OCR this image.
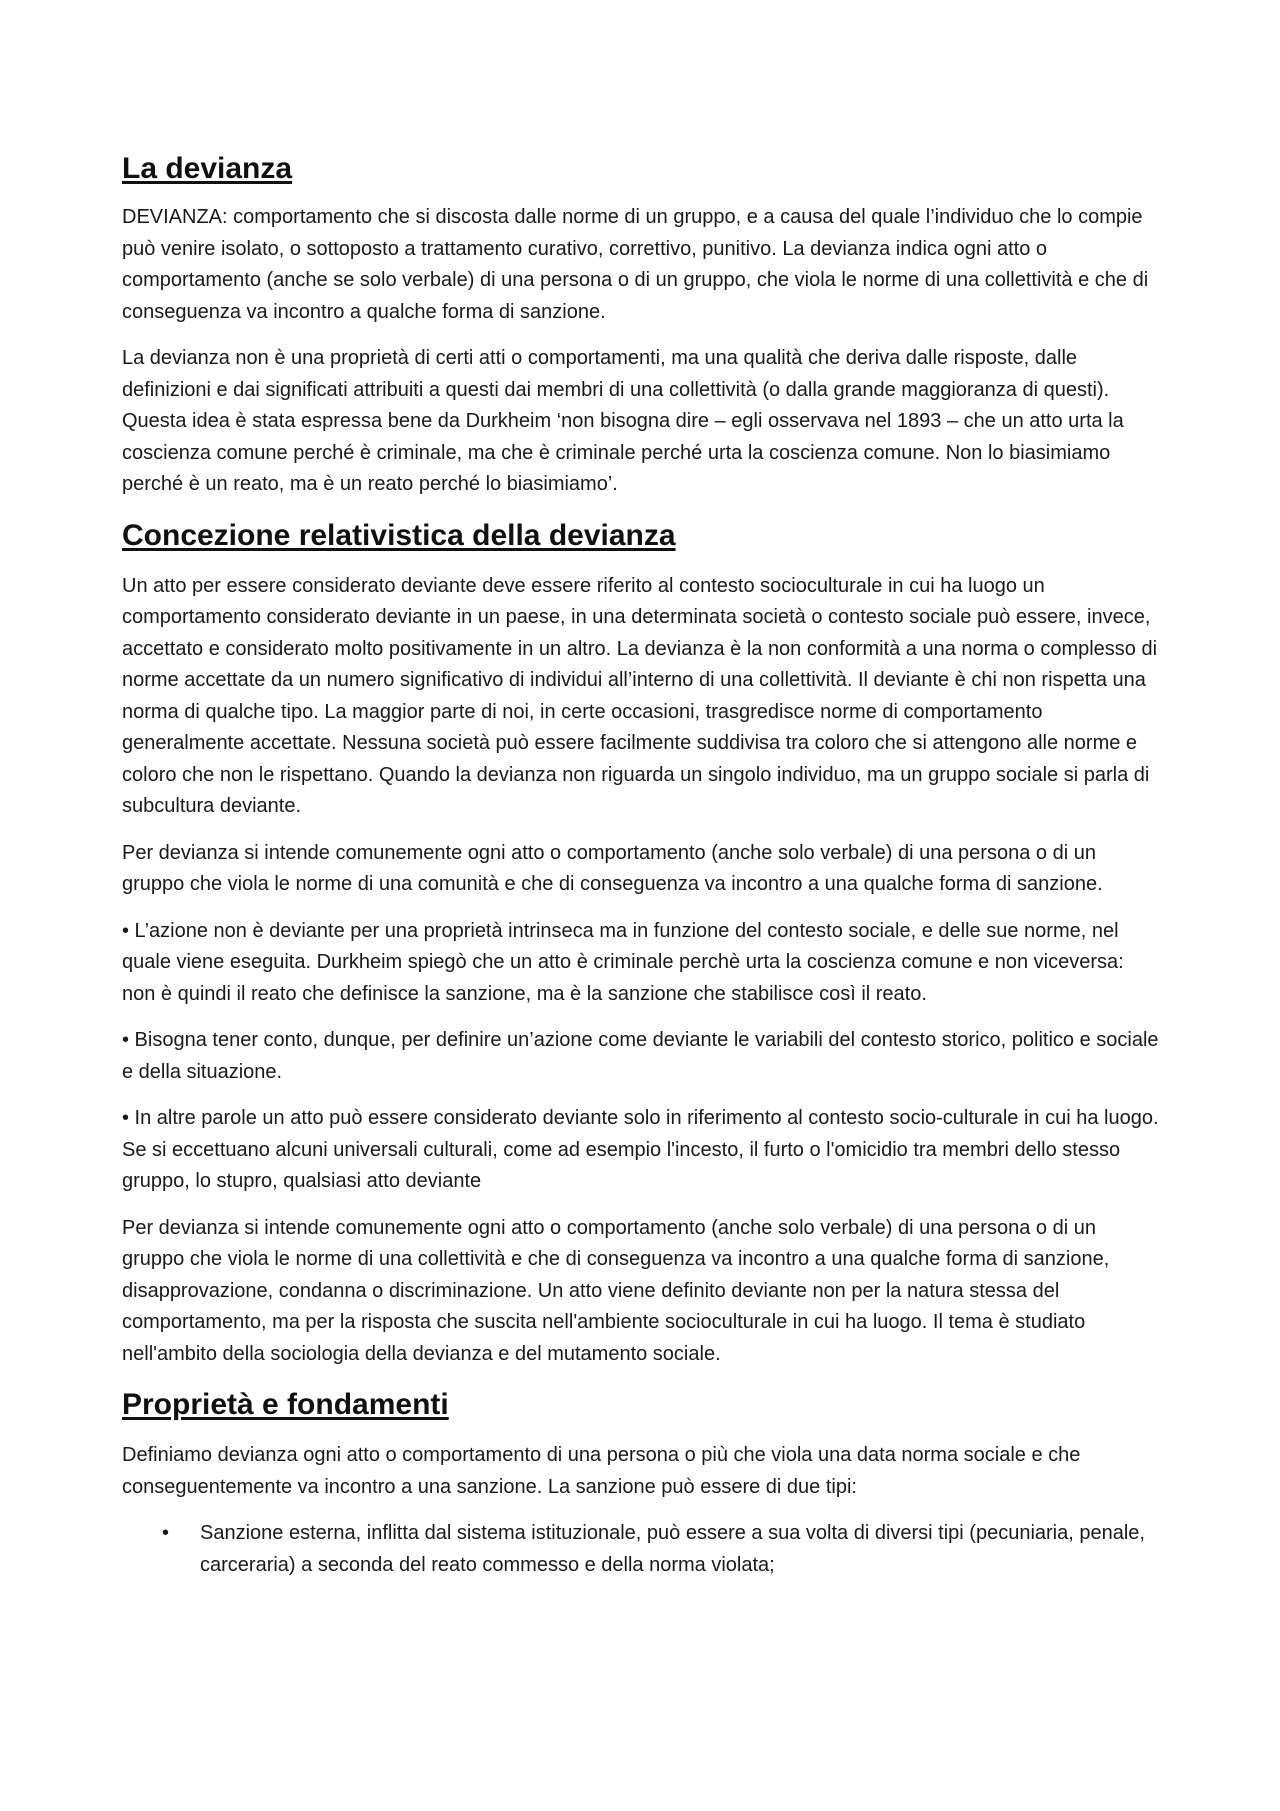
La devianza

DEVIANZA: comportamento che si discosta dalle norme di un gruppo, e a causa del quale l’individuo che lo compie può venire isolato, o sottoposto a trattamento curativo, correttivo, punitivo. La devianza indica ogni atto o comportamento (anche se solo verbale) di una persona o di un gruppo, che viola le norme di una collettività e che di conseguenza va incontro a qualche forma di sanzione.

La devianza non è una proprietà di certi atti o comportamenti, ma una qualità che deriva dalle risposte, dalle definizioni e dai significati attribuiti a questi dai membri di una collettività (o dalla grande maggioranza di questi). Questa idea è stata espressa bene da Durkheim ‘non bisogna dire – egli osservava nel 1893 – che un atto urta la coscienza comune perché è criminale, ma che è criminale perché urta la coscienza comune. Non lo biasimiamo perché è un reato, ma è un reato perché lo biasimiamo’.

Concezione relativistica della devianza

Un atto per essere considerato deviante deve essere riferito al contesto socioculturale in cui ha luogo un comportamento considerato deviante in un paese, in una determinata società o contesto sociale può essere, invece, accettato e considerato molto positivamente in un altro. La devianza è la non conformità a una norma o complesso di norme accettate da un numero significativo di individui all’interno di una collettività. Il deviante è chi non rispetta una norma di qualche tipo. La maggior parte di noi, in certe occasioni, trasgredisce norme di comportamento generalmente accettate. Nessuna società può essere facilmente suddivisa tra coloro che si attengono alle norme e coloro che non le rispettano. Quando la devianza non riguarda un singolo individuo, ma un gruppo sociale si parla di subcultura deviante.

Per devianza si intende comunemente ogni atto o comportamento (anche solo verbale) di una persona o di un gruppo che viola le norme di una comunità e che di conseguenza va incontro a una qualche forma di sanzione.

• L’azione non è deviante per una proprietà intrinseca ma in funzione del contesto sociale, e delle sue norme, nel quale viene eseguita. Durkheim spiegò che un atto è criminale perchè urta la coscienza comune e non viceversa: non è quindi il reato che definisce la sanzione, ma è la sanzione che stabilisce così il reato.

• Bisogna tener conto, dunque, per definire un’azione come deviante le variabili del contesto storico, politico e sociale e della situazione.

• In altre parole un atto può essere considerato deviante solo in riferimento al contesto socio-culturale in cui ha luogo. Se si eccettuano alcuni universali culturali, come ad esempio l'incesto, il furto o l'omicidio tra membri dello stesso gruppo, lo stupro, qualsiasi atto deviante

Per devianza si intende comunemente ogni atto o comportamento (anche solo verbale) di una persona o di un gruppo che viola le norme di una collettività e che di conseguenza va incontro a una qualche forma di sanzione, disapprovazione, condanna o discriminazione. Un atto viene definito deviante non per la natura stessa del comportamento, ma per la risposta che suscita nell'ambiente socioculturale in cui ha luogo. Il tema è studiato nell'ambito della sociologia della devianza e del mutamento sociale.

Proprietà e fondamenti

Definiamo devianza ogni atto o comportamento di una persona o più che viola una data norma sociale e che conseguentemente va incontro a una sanzione. La sanzione può essere di due tipi:

• Sanzione esterna, inflitta dal sistema istituzionale, può essere a sua volta di diversi tipi (pecuniaria, penale, carceraria) a seconda del reato commesso e della norma violata;
